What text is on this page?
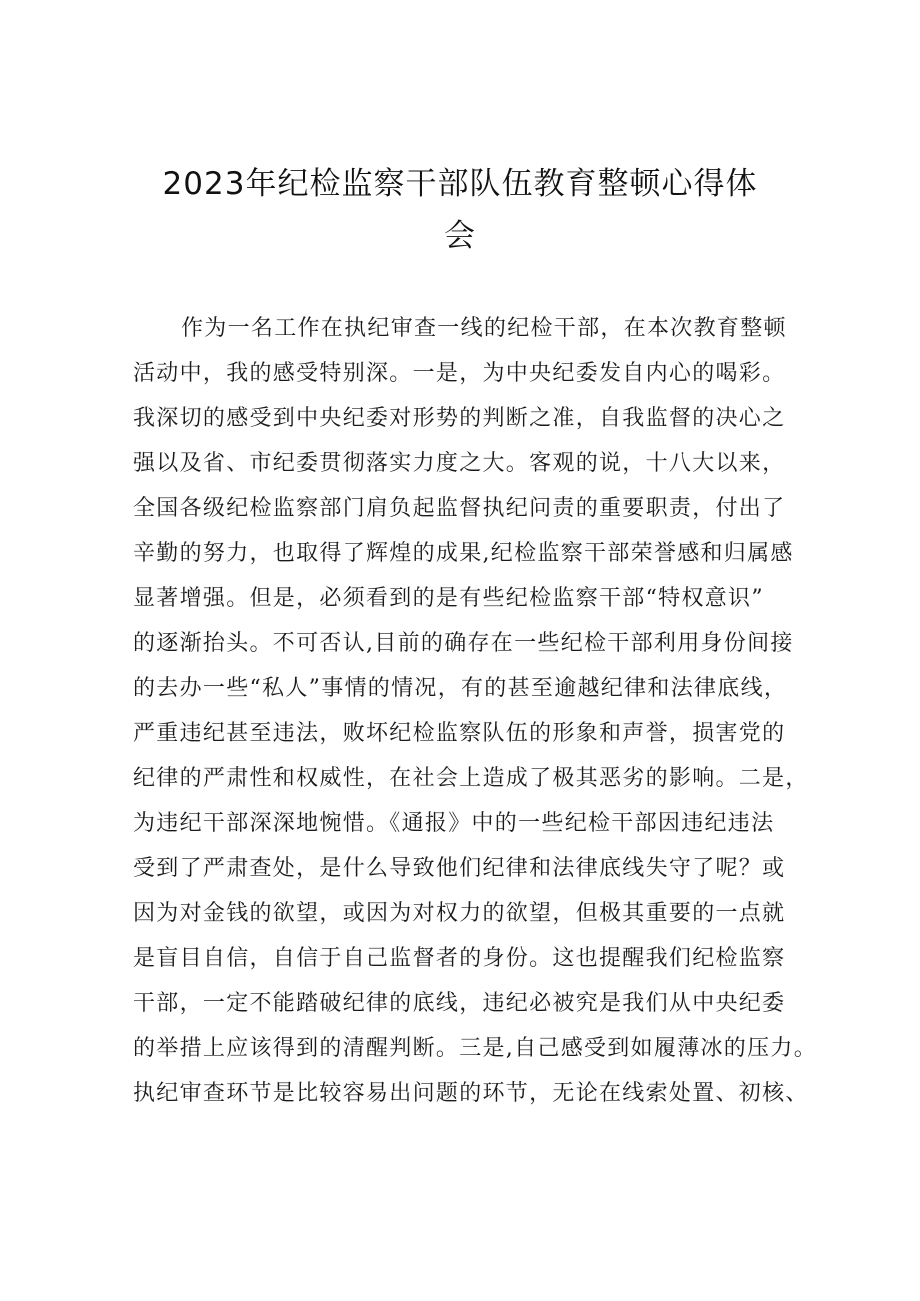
2023年纪检监察干部队伍教育整顿心得体
会
作为一名工作在执纪审查一线的纪检干部，在本次教育整顿
活动中，我的感受特别深。一是，为中央纪委发自内心的喝彩。
我深切的感受到中央纪委对形势的判断之准，自我监督的决心之
强以及省、市纪委贯彻落实力度之大。客观的说，十八大以来，
全国各级纪检监察部门肩负起监督执纪问责的重要职责，付出了
辛勤的努力，也取得了辉煌的成果,纪检监察干部荣誉感和归属感
显著增强。但是，必须看到的是有些纪检监察干部“特权意识”
的逐渐抬头。不可否认,目前的确存在一些纪检干部利用身份间接
的去办一些“私人”事情的情况，有的甚至逾越纪律和法律底线，
严重违纪甚至违法，败坏纪检监察队伍的形象和声誉，损害党的
纪律的严肃性和权威性，在社会上造成了极其恶劣的影响。二是，
为违纪干部深深地惋惜。《通报》中的一些纪检干部因违纪违法
受到了严肃查处，是什么导致他们纪律和法律底线失守了呢？或
因为对金钱的欲望，或因为对权力的欲望，但极其重要的一点就
是盲目自信，自信于自己监督者的身份。这也提醒我们纪检监察
干部，一定不能踏破纪律的底线，违纪必被究是我们从中央纪委
的举措上应该得到的清醒判断。三是,自己感受到如履薄冰的压力。
执纪审查环节是比较容易出问题的环节，无论在线索处置、初核、
